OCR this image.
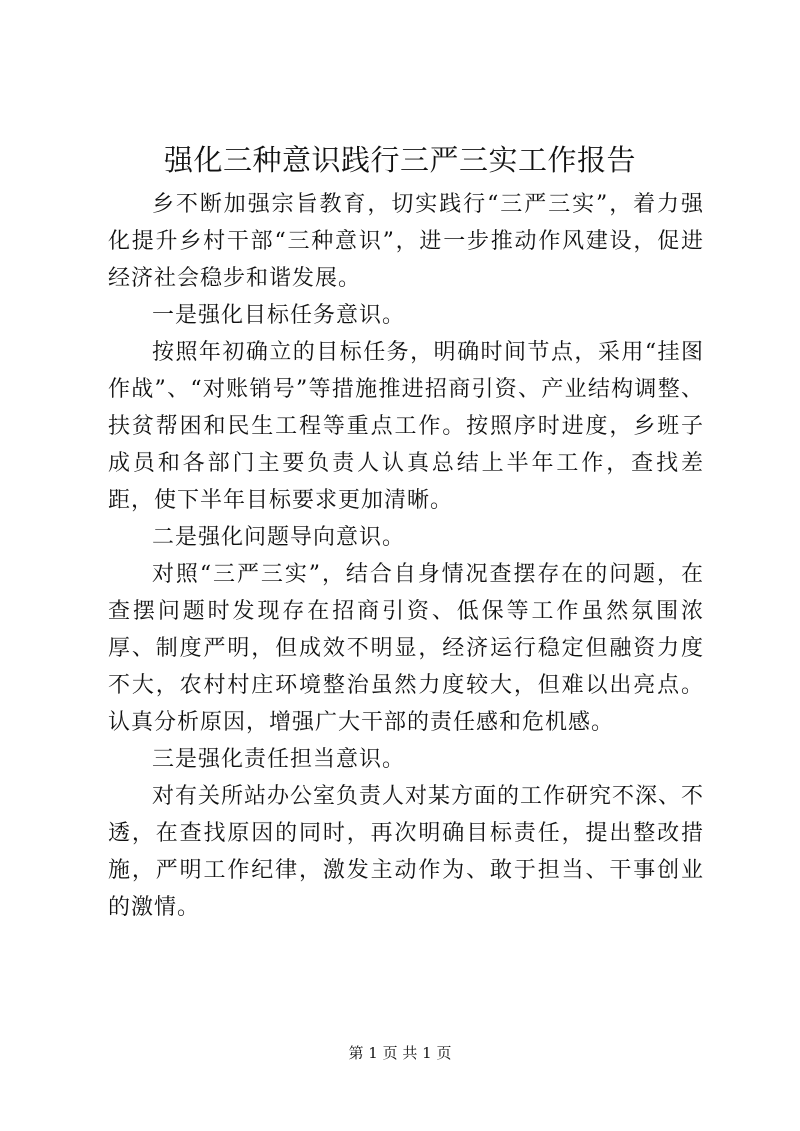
强化三种意识践行三严三实工作报告

乡不断加强宗旨教育，切实践行“三严三实”，着力强化提升乡村干部“三种意识”，进一步推动作风建设，促进经济社会稳步和谐发展。

一是强化目标任务意识。

按照年初确立的目标任务，明确时间节点，采用“挂图作战”、“对账销号”等措施推进招商引资、产业结构调整、扶贫帮困和民生工程等重点工作。按照序时进度，乡班子成员和各部门主要负责人认真总结上半年工作，查找差距，使下半年目标要求更加清晰。

二是强化问题导向意识。

对照“三严三实”，结合自身情况查摆存在的问题，在查摆问题时发现存在招商引资、低保等工作虽然氛围浓厚、制度严明，但成效不明显，经济运行稳定但融资力度不大，农村村庄环境整治虽然力度较大，但难以出亮点。认真分析原因，增强广大干部的责任感和危机感。

三是强化责任担当意识。

对有关所站办公室负责人对某方面的工作研究不深、不透，在查找原因的同时，再次明确目标责任，提出整改措施，严明工作纪律，激发主动作为、敢于担当、干事创业的激情。

第 1 页 共 1 页
